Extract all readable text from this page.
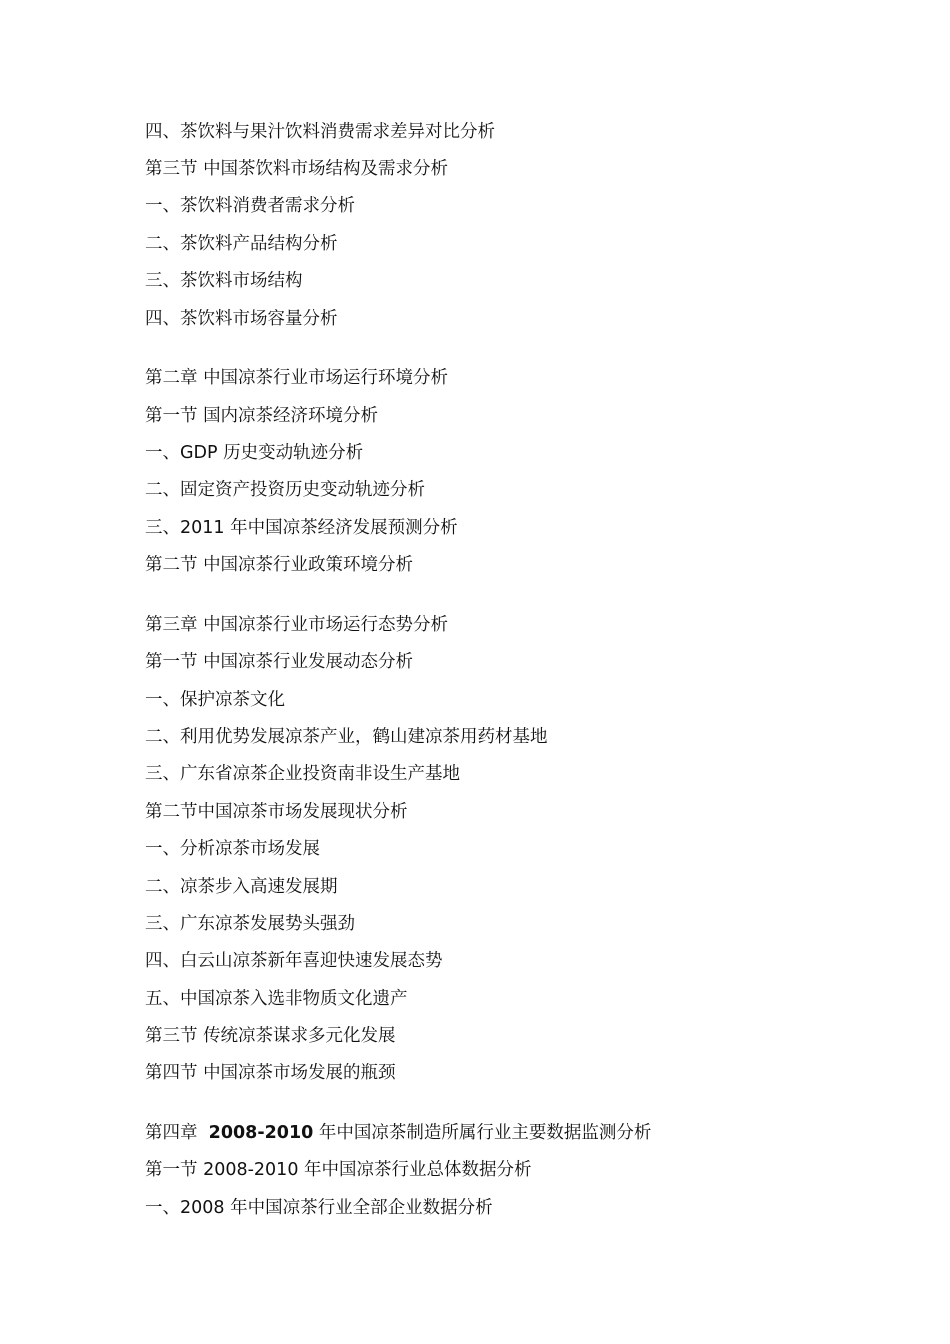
四、茶饮料与果汁饮料消费需求差异对比分析
第三节 中国茶饮料市场结构及需求分析
一、茶饮料消费者需求分析
二、茶饮料产品结构分析
三、茶饮料市场结构
四、茶饮料市场容量分析
第二章 中国凉茶行业市场运行环境分析
第一节 国内凉茶经济环境分析
一、GDP 历史变动轨迹分析
二、固定资产投资历史变动轨迹分析
三、2011 年中国凉茶经济发展预测分析
第二节 中国凉茶行业政策环境分析
第三章 中国凉茶行业市场运行态势分析
第一节 中国凉茶行业发展动态分析
一、保护凉茶文化
二、利用优势发展凉茶产业，鹤山建凉茶用药材基地
三、广东省凉茶企业投资南非设生产基地
第二节中国凉茶市场发展现状分析
一、分析凉茶市场发展
二、凉茶步入高速发展期
三、广东凉茶发展势头强劲
四、白云山凉茶新年喜迎快速发展态势
五、中国凉茶入选非物质文化遗产
第三节 传统凉茶谋求多元化发展
第四节 中国凉茶市场发展的瓶颈
第四章  2008-2010 年中国凉茶制造所属行业主要数据监测分析
第一节 2008-2010 年中国凉茶行业总体数据分析
一、2008 年中国凉茶行业全部企业数据分析
